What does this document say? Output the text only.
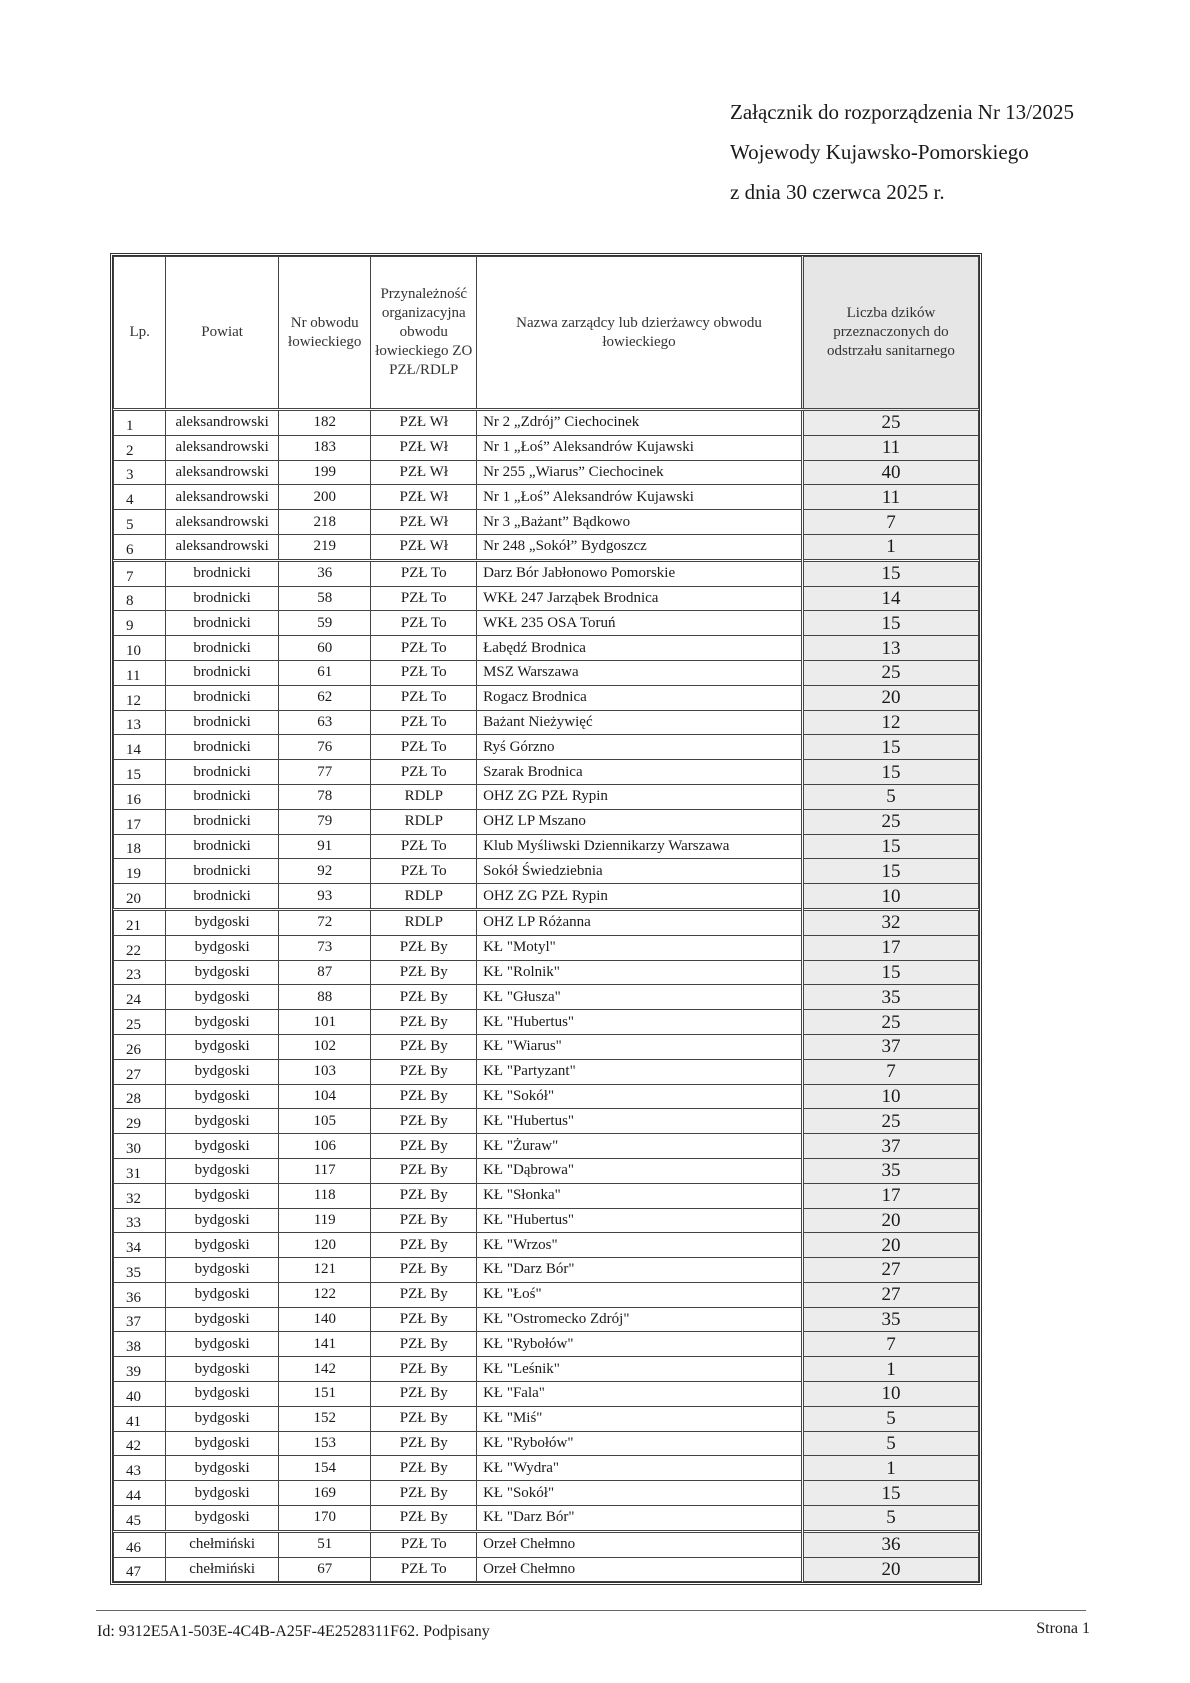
Załącznik do rozporządzenia Nr 13/2025
Wojewody Kujawsko-Pomorskiego
z dnia 30 czerwca 2025 r.
Lp.	Powiat	Nr obwodu łowieckiego	Przynależność organizacyjna obwodu łowieckiego ZO PZŁ/RDLP	Nazwa zarządcy lub dzierżawcy obwodu łowieckiego	Liczba dzików przeznaczonych do odstrzału sanitarnego
1	aleksandrowski	182	PZŁ Wł	Nr 2 „Zdrój” Ciechocinek	25
2	aleksandrowski	183	PZŁ Wł	Nr 1 „Łoś” Aleksandrów Kujawski	11
3	aleksandrowski	199	PZŁ Wł	Nr 255 „Wiarus” Ciechocinek	40
4	aleksandrowski	200	PZŁ Wł	Nr 1 „Łoś” Aleksandrów Kujawski	11
5	aleksandrowski	218	PZŁ Wł	Nr 3 „Bażant” Bądkowo	7
6	aleksandrowski	219	PZŁ Wł	Nr 248 „Sokół” Bydgoszcz	1
7	brodnicki	36	PZŁ To	Darz Bór Jabłonowo Pomorskie	15
8	brodnicki	58	PZŁ To	WKŁ 247 Jarząbek Brodnica	14
9	brodnicki	59	PZŁ To	WKŁ 235 OSA Toruń	15
10	brodnicki	60	PZŁ To	Łabędź Brodnica	13
11	brodnicki	61	PZŁ To	MSZ Warszawa	25
12	brodnicki	62	PZŁ To	Rogacz Brodnica	20
13	brodnicki	63	PZŁ To	Bażant Nieżywięć	12
14	brodnicki	76	PZŁ To	Ryś Górzno	15
15	brodnicki	77	PZŁ To	Szarak Brodnica	15
16	brodnicki	78	RDLP	OHZ ZG PZŁ Rypin	5
17	brodnicki	79	RDLP	OHZ LP Mszano	25
18	brodnicki	91	PZŁ To	Klub Myśliwski Dziennikarzy Warszawa	15
19	brodnicki	92	PZŁ To	Sokół Świedziebnia	15
20	brodnicki	93	RDLP	OHZ ZG PZŁ Rypin	10
21	bydgoski	72	RDLP	OHZ LP Różanna	32
22	bydgoski	73	PZŁ By	KŁ "Motyl"	17
23	bydgoski	87	PZŁ By	KŁ "Rolnik"	15
24	bydgoski	88	PZŁ By	KŁ "Głusza"	35
25	bydgoski	101	PZŁ By	KŁ "Hubertus"	25
26	bydgoski	102	PZŁ By	KŁ "Wiarus"	37
27	bydgoski	103	PZŁ By	KŁ "Partyzant"	7
28	bydgoski	104	PZŁ By	KŁ "Sokół"	10
29	bydgoski	105	PZŁ By	KŁ "Hubertus"	25
30	bydgoski	106	PZŁ By	KŁ "Żuraw"	37
31	bydgoski	117	PZŁ By	KŁ "Dąbrowa"	35
32	bydgoski	118	PZŁ By	KŁ "Słonka"	17
33	bydgoski	119	PZŁ By	KŁ "Hubertus"	20
34	bydgoski	120	PZŁ By	KŁ "Wrzos"	20
35	bydgoski	121	PZŁ By	KŁ "Darz Bór"	27
36	bydgoski	122	PZŁ By	KŁ "Łoś"	27
37	bydgoski	140	PZŁ By	KŁ "Ostromecko Zdrój"	35
38	bydgoski	141	PZŁ By	KŁ "Rybołów"	7
39	bydgoski	142	PZŁ By	KŁ "Leśnik"	1
40	bydgoski	151	PZŁ By	KŁ "Fala"	10
41	bydgoski	152	PZŁ By	KŁ "Miś"	5
42	bydgoski	153	PZŁ By	KŁ "Rybołów"	5
43	bydgoski	154	PZŁ By	KŁ "Wydra"	1
44	bydgoski	169	PZŁ By	KŁ "Sokół"	15
45	bydgoski	170	PZŁ By	KŁ "Darz Bór"	5
46	chełmiński	51	PZŁ To	Orzeł Chełmno	36
47	chełmiński	67	PZŁ To	Orzeł Chełmno	20
Id: 9312E5A1-503E-4C4B-A25F-4E2528311F62. Podpisany	Strona 1
